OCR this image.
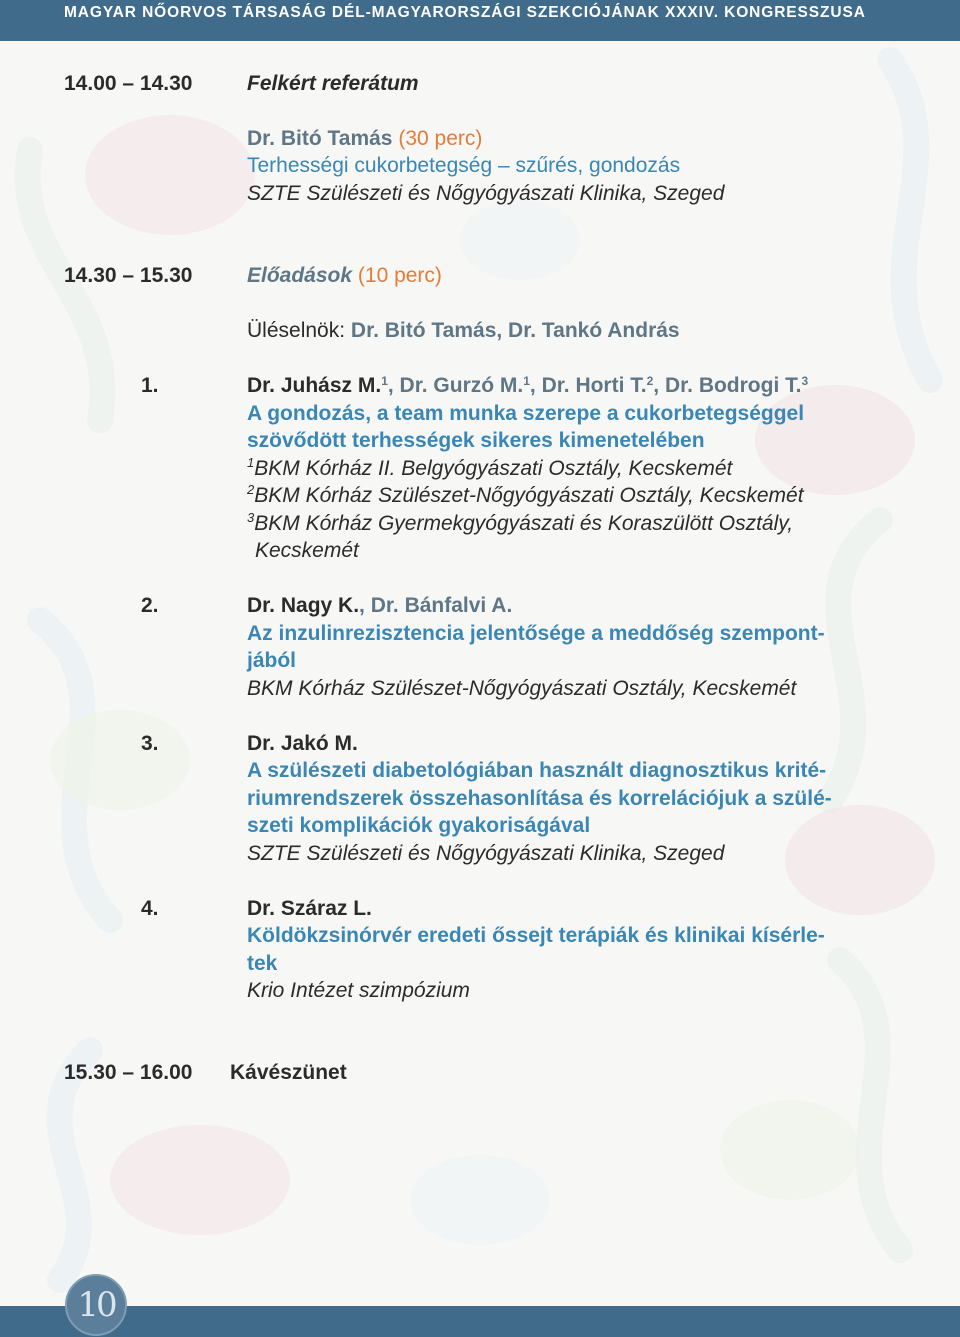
MAGYAR NŐORVOS TÁRSASÁG DÉL-MAGYARORSZÁGI SZEKCIÓJÁNAK XXXIV. KONGRESSZUSA
14.00 – 14.30	Felkért referátum
Dr. Bitó Tamás (30 perc)
Terhességi cukorbetegség – szűrés, gondozás
SZTE Szülészeti és Nőgyógyászati Klinika, Szeged
14.30 – 15.30	Előadások (10 perc)
Üléselnök: Dr. Bitó Tamás, Dr. Tankó András
1.	Dr. Juhász M.$^1$, Dr. Gurzó M.$^1$, Dr. Horti T.$^2$, Dr. Bodrogi T.$^3$
A gondozás, a team munka szerepe a cukorbetegséggel
szövődött terhességek sikeres kimenetelében
$^1$BKM Kórház II. Belgyógyászati Osztály, Kecskemét
$^2$BKM Kórház Szülészet-Nőgyógyászati Osztály, Kecskemét
$^3$BKM Kórház Gyermekgyógyászati és Koraszülött Osztály,
Kecskemét
2.	Dr. Nagy K., Dr. Bánfalvi A.
Az inzulinrezisztencia jelentősége a meddőség szempont-
jából
BKM Kórház Szülészet-Nőgyógyászati Osztály, Kecskemét
3.	Dr. Jakó M.
A szülészeti diabetológiában használt diagnosztikus krité-
riumrendszerek összehasonlítása és korrelációjuk a szülé-
szeti komplikációk gyakoriságával
SZTE Szülészeti és Nőgyógyászati Klinika, Szeged
4.	Dr. Száraz L.
Köldökzsinórvér eredeti őssejt terápiák és klinikai kísérle-
tek
Krio Intézet szimpózium
15.30 – 16.00 Kávészünet
10
